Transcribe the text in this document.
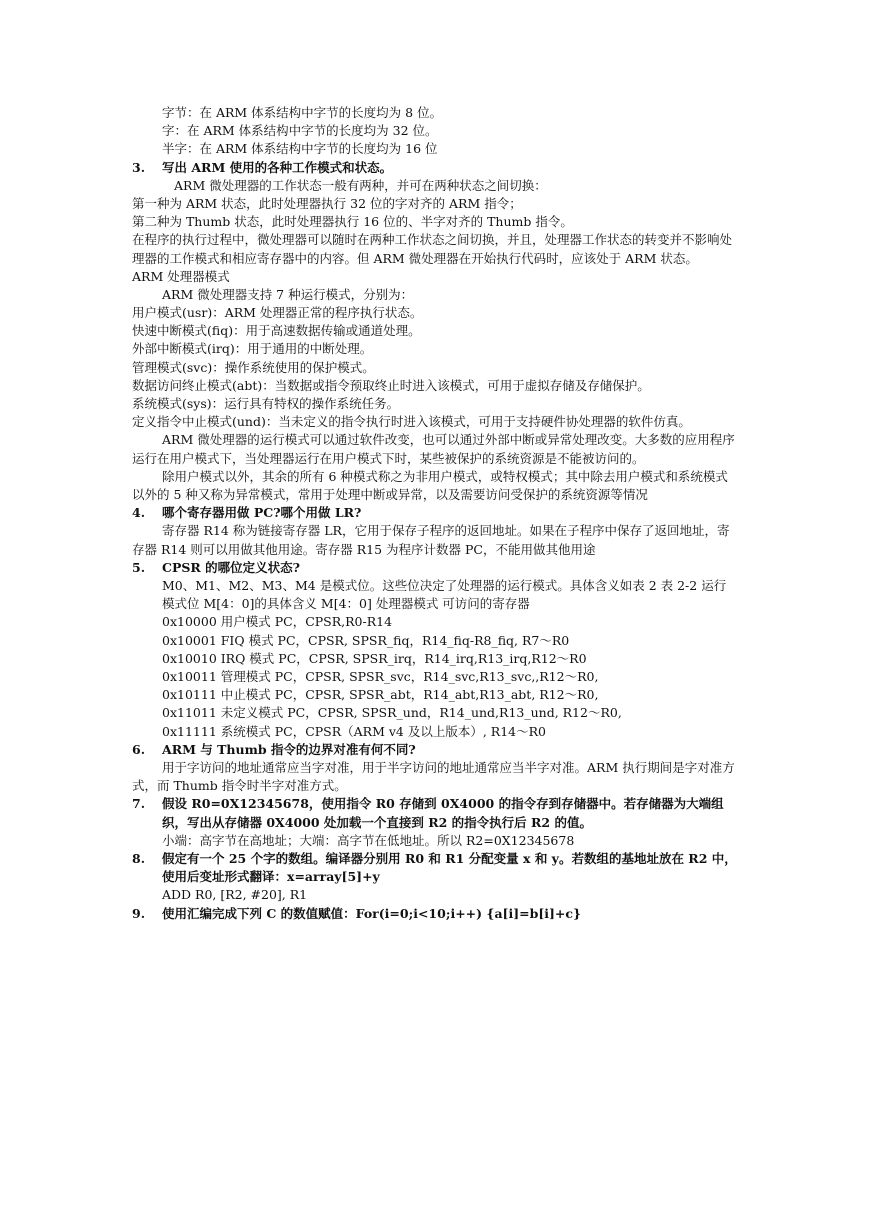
字节：在 ARM 体系结构中字节的长度均为 8 位。
字：在 ARM 体系结构中字节的长度均为 32 位。
半字：在 ARM 体系结构中字节的长度均为 16 位
3. 写出 ARM 使用的各种工作模式和状态。
ARM 微处理器的工作状态一般有两种，并可在两种状态之间切换：
第一种为 ARM 状态，此时处理器执行 32 位的字对齐的 ARM 指令；
第二种为 Thumb 状态，此时处理器执行 16 位的、半字对齐的 Thumb 指令。
在程序的执行过程中，微处理器可以随时在两种工作状态之间切换，并且，处理器工作状态的转变并不影响处理器的工作模式和相应寄存器中的内容。但 ARM 微处理器在开始执行代码时，应该处于 ARM 状态。
ARM 处理器模式
ARM 微处理器支持 7 种运行模式，分别为：
用户模式(usr)：ARM 处理器正常的程序执行状态。
快速中断模式(fiq)：用于高速数据传输或通道处理。
外部中断模式(irq)：用于通用的中断处理。
管理模式(svc)：操作系统使用的保护模式。
数据访问终止模式(abt)：当数据或指令预取终止时进入该模式，可用于虚拟存储及存储保护。
系统模式(sys)：运行具有特权的操作系统任务。
定义指令中止模式(und)：当未定义的指令执行时进入该模式，可用于支持硬件协处理器的软件仿真。
ARM 微处理器的运行模式可以通过软件改变，也可以通过外部中断或异常处理改变。大多数的应用程序运行在用户模式下，当处理器运行在用户模式下时，某些被保护的系统资源是不能被访问的。
除用户模式以外，其余的所有 6 种模式称之为非用户模式，或特权模式；其中除去用户模式和系统模式以外的 5 种又称为异常模式，常用于处理中断或异常，以及需要访问受保护的系统资源等情况
4. 哪个寄存器用做 PC?哪个用做 LR?
寄存器 R14 称为链接寄存器 LR，它用于保存子程序的返回地址。如果在子程序中保存了返回地址，寄存器 R14 则可以用做其他用途。寄存器 R15 为程序计数器 PC，不能用做其他用途
5. CPSR 的哪位定义状态?
M0、M1、M2、M3、M4 是模式位。这些位决定了处理器的运行模式。具体含义如表 2 表 2-2 运行模式位 M[4：0]的具体含义 M[4：0] 处理器模式 可访问的寄存器
0x10000 用户模式 PC，CPSR,R0-R14
0x10001 FIQ 模式 PC，CPSR, SPSR_fiq，R14_fiq-R8_fiq, R7～R0
0x10010 IRQ 模式 PC，CPSR, SPSR_irq，R14_irq,R13_irq,R12～R0
0x10011 管理模式 PC，CPSR, SPSR_svc，R14_svc,R13_svc,,R12～R0,
0x10111 中止模式 PC，CPSR, SPSR_abt，R14_abt,R13_abt, R12～R0,
0x11011 未定义模式 PC，CPSR, SPSR_und，R14_und,R13_und, R12～R0,
0x11111 系统模式 PC，CPSR（ARM v4 及以上版本）, R14～R0
6. ARM 与 Thumb 指令的边界对准有何不同?
用于字访问的地址通常应当字对准，用于半字访问的地址通常应当半字对准。ARM 执行期间是字对准方式，而 Thumb 指令时半字对准方式。
7. 假设 R0=0X12345678，使用指令 R0 存储到 0X4000 的指令存到存储器中。若存储器为大端组织，写出从存储器 0X4000 处加载一个直接到 R2 的指令执行后 R2 的值。
小端：高字节在高地址；大端：高字节在低地址。所以 R2=0X12345678
8. 假定有一个 25 个字的数组。编译器分别用 R0 和 R1 分配变量 x 和 y。若数组的基地址放在 R2 中，使用后变址形式翻译：x=array[5]+y
ADD R0, [R2, #20], R1
9. 使用汇编完成下列 C 的数值赋值：For(i=0;i<10;i++) {a[i]=b[i]+c}
